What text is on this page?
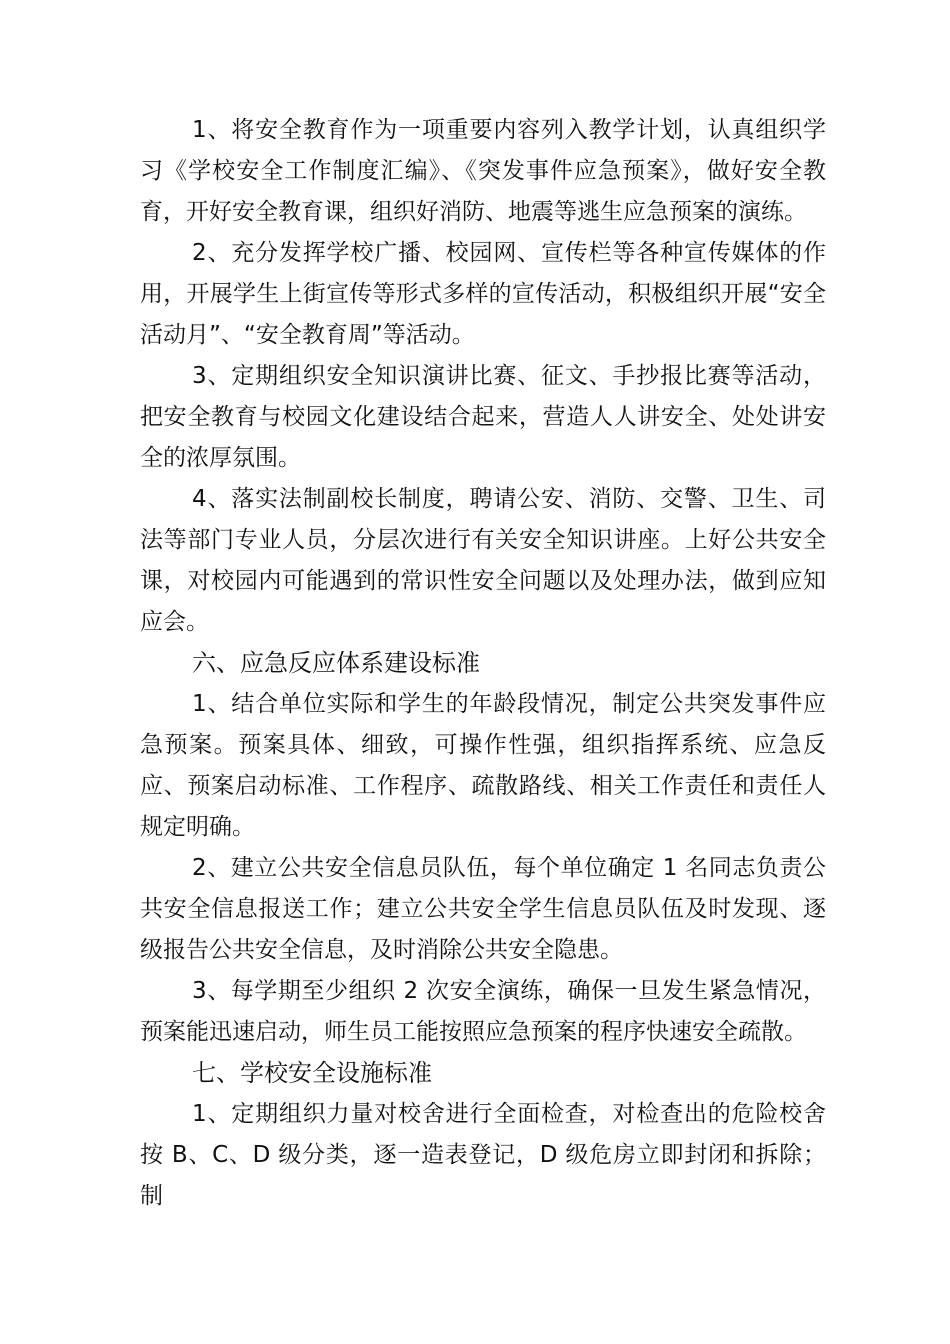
1、将安全教育作为一项重要内容列入教学计划，认真组织学习《学校安全工作制度汇编》、《突发事件应急预案》，做好安全教育，开好安全教育课，组织好消防、地震等逃生应急预案的演练。

2、充分发挥学校广播、校园网、宣传栏等各种宣传媒体的作用，开展学生上街宣传等形式多样的宣传活动，积极组织开展“安全活动月”、“安全教育周”等活动。

3、定期组织安全知识演讲比赛、征文、手抄报比赛等活动，把安全教育与校园文化建设结合起来，营造人人讲安全、处处讲安全的浓厚氛围。

4、落实法制副校长制度，聘请公安、消防、交警、卫生、司法等部门专业人员，分层次进行有关安全知识讲座。上好公共安全课，对校园内可能遇到的常识性安全问题以及处理办法，做到应知应会。

六、应急反应体系建设标准

1、结合单位实际和学生的年龄段情况，制定公共突发事件应急预案。预案具体、细致，可操作性强，组织指挥系统、应急反应、预案启动标准、工作程序、疏散路线、相关工作责任和责任人规定明确。

2、建立公共安全信息员队伍，每个单位确定 1 名同志负责公共安全信息报送工作；建立公共安全学生信息员队伍及时发现、逐级报告公共安全信息，及时消除公共安全隐患。

3、每学期至少组织 2 次安全演练，确保一旦发生紧急情况，预案能迅速启动，师生员工能按照应急预案的程序快速安全疏散。

七、学校安全设施标准

1、定期组织力量对校舍进行全面检查，对检查出的危险校舍按 B、C、D 级分类，逐一造表登记，D 级危房立即封闭和拆除；制
